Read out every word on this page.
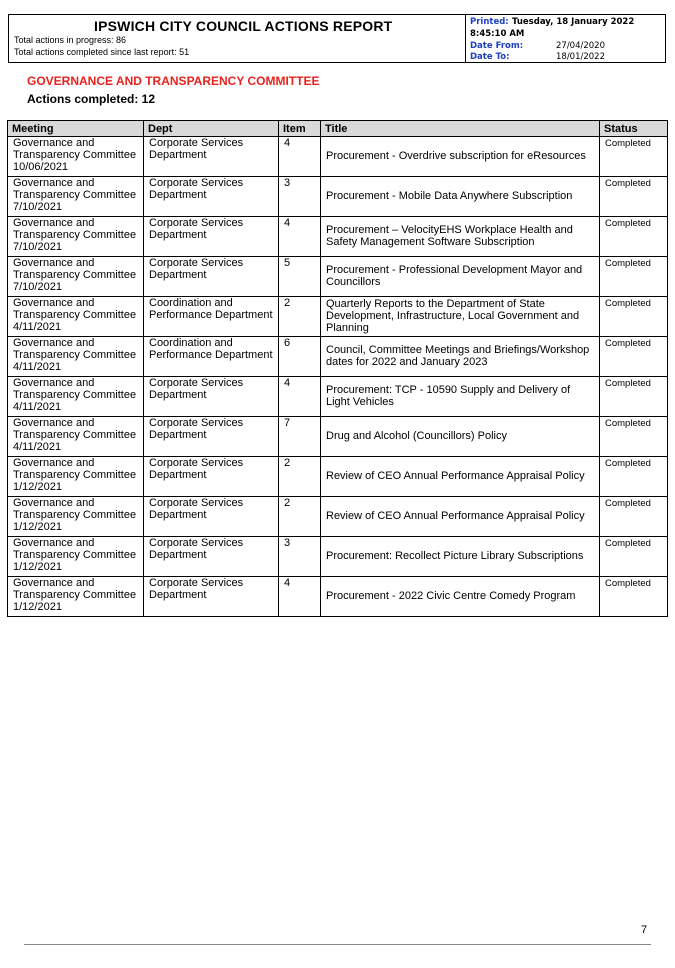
IPSWICH CITY COUNCIL ACTIONS REPORT
Total actions in progress: 86
Total actions completed since last report: 51
Printed: Tuesday, 18 January 2022
8:45:10 AM
Date From:	27/04/2020
Date To:	18/01/2022
GOVERNANCE AND TRANSPARENCY COMMITTEE
Actions completed: 12
Meeting	Dept	Item	Title	Status

Governance and
Transparency Committee
10/06/2021	Corporate Services
Department	4	Procurement - Overdrive subscription for eResources	Completed

Governance and
Transparency Committee
7/10/2021	Corporate Services
Department	3	Procurement - Mobile Data Anywhere Subscription	Completed

Governance and
Transparency Committee
7/10/2021	Corporate Services
Department	4	Procurement – VelocityEHS Workplace Health and Safety Management Software Subscription	Completed

Governance and
Transparency Committee
7/10/2021	Corporate Services
Department	5	Procurement - Professional Development Mayor and Councillors	Completed

Governance and
Transparency Committee
4/11/2021	Coordination and
Performance Department	2	Quarterly Reports to the Department of State Development, Infrastructure, Local Government and Planning	Completed

Governance and
Transparency Committee
4/11/2021	Coordination and
Performance Department	6	Council, Committee Meetings and Briefings/Workshop dates for 2022 and January 2023	Completed

Governance and
Transparency Committee
4/11/2021	Corporate Services
Department	4	Procurement: TCP - 10590 Supply and Delivery of Light Vehicles	Completed

Governance and
Transparency Committee
4/11/2021	Corporate Services
Department	7	Drug and Alcohol (Councillors) Policy	Completed

Governance and
Transparency Committee
1/12/2021	Corporate Services
Department	2	Review of CEO Annual Performance Appraisal Policy	Completed

Governance and
Transparency Committee
1/12/2021	Corporate Services
Department	2	Review of CEO Annual Performance Appraisal Policy	Completed

Governance and
Transparency Committee
1/12/2021	Corporate Services
Department	3	Procurement: Recollect Picture Library Subscriptions	Completed

Governance and
Transparency Committee
1/12/2021	Corporate Services
Department	4	Procurement - 2022 Civic Centre Comedy Program	Completed
7
